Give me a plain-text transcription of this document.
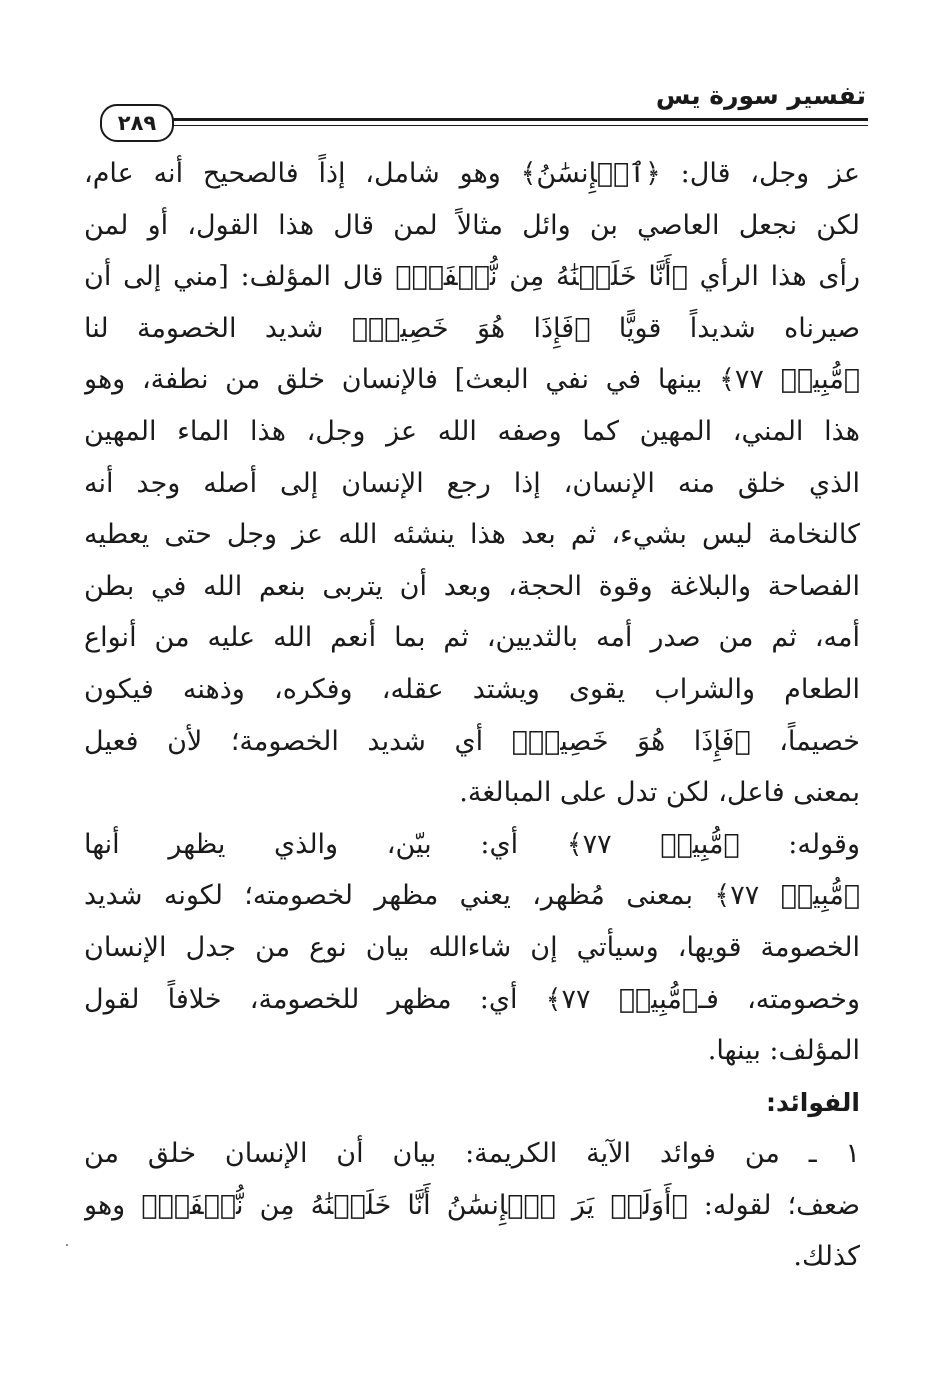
تفسير سورة يس
٢٨٩
عز وجل، قال: ﴿ٱلۡإِنسَٰنُ﴾ وهو شامل، إذاً فالصحيح أنه عام،
لكن نجعل العاصي بن وائل مثالاً لمن قال هذا القول، أو لمن
رأى هذا الرأي ﴿أَنَّا خَلَقۡنَٰهُ مِن نُّطۡفَةٖ﴾ قال المؤلف: [مني إلى أن
صيرناه شديداً قويًّا ﴿فَإِذَا هُوَ خَصِيمٞ﴾ شديد الخصومة لنا
﴿مُّبِينٞ ٧٧﴾ بينها في نفي البعث] فالإنسان خلق من نطفة، وهو
هذا المني، المهين كما وصفه الله عز وجل، هذا الماء المهين
الذي خلق منه الإنسان، إذا رجع الإنسان إلى أصله وجد أنه
كالنخامة ليس بشيء، ثم بعد هذا ينشئه الله عز وجل حتى يعطيه
الفصاحة والبلاغة وقوة الحجة، وبعد أن يتربى بنعم الله في بطن
أمه، ثم من صدر أمه بالثديين، ثم بما أنعم الله عليه من أنواع
الطعام والشراب يقوى ويشتد عقله، وفكره، وذهنه فيكون
خصيماً، ﴿فَإِذَا هُوَ خَصِيمٞ﴾ أي شديد الخصومة؛ لأن فعيل
بمعنى فاعل، لكن تدل على المبالغة.
وقوله: ﴿مُّبِينٞ ٧٧﴾ أي: بيّن، والذي يظهر أنها
﴿مُّبِينٞ ٧٧﴾ بمعنى مُظهر، يعني مظهر لخصومته؛ لكونه شديد
الخصومة قويها، وسيأتي إن شاءالله بيان نوع من جدل الإنسان
وخصومته، فـ﴿مُّبِينٞ ٧٧﴾ أي: مظهر للخصومة، خلافاً لقول
المؤلف: بينها.
الفوائد:
١ ـ من فوائد الآية الكريمة: بيان أن الإنسان خلق من
ضعف؛ لقوله: ﴿أَوَلَمۡ يَرَ ٱلۡإِنسَٰنُ أَنَّا خَلَقۡنَٰهُ مِن نُّطۡفَةٖ﴾ وهو
كذلك.
